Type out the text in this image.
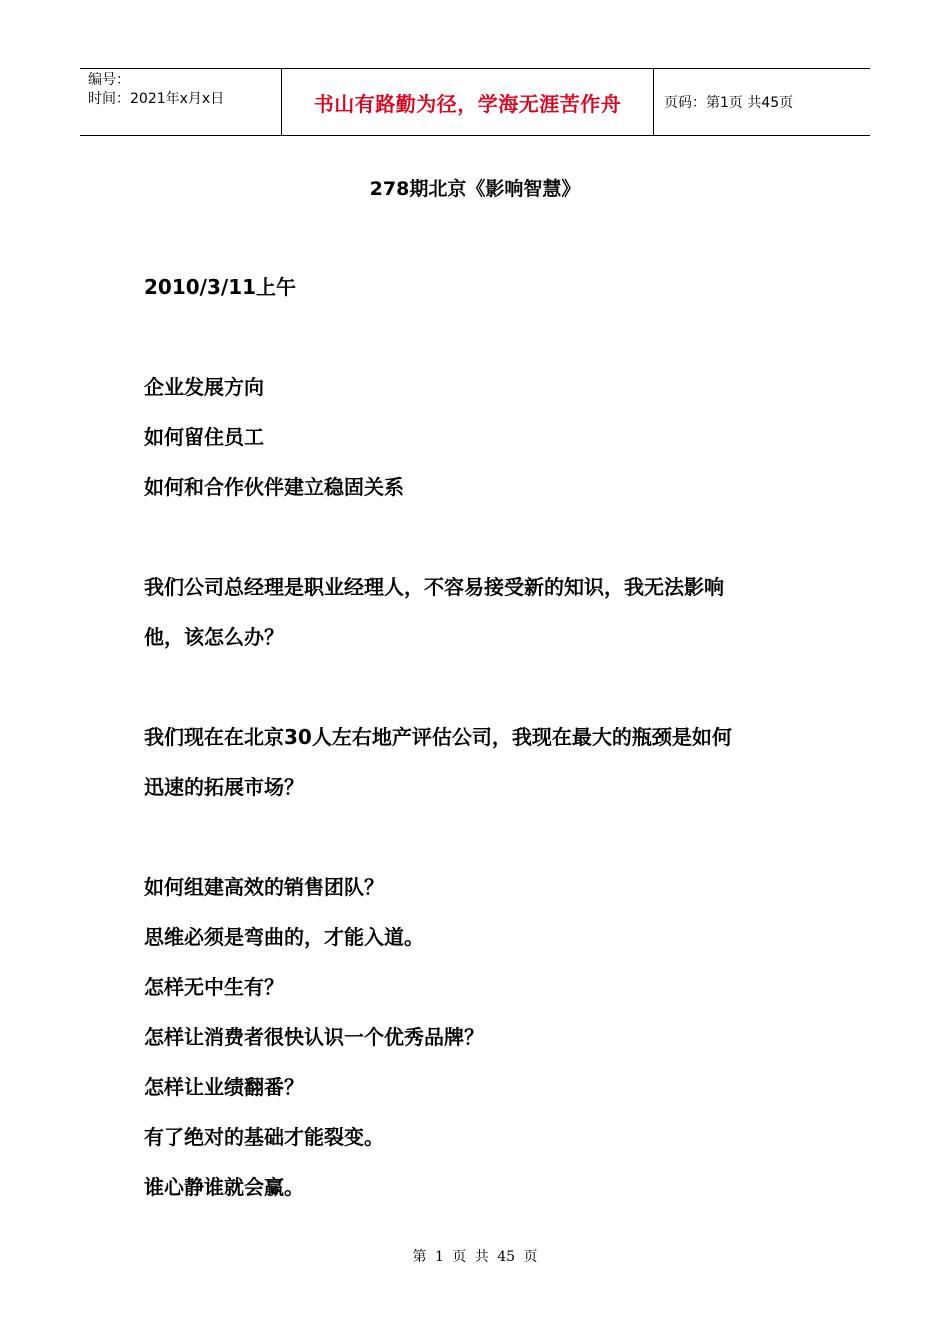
编号：
时间：2021年x月x日	书山有路勤为径，学海无涯苦作舟	页码：第1页 共45页
278期北京《影响智慧》

2010/3/11上午

企业发展方向

如何留住员工

如何和合作伙伴建立稳固关系

我们公司总经理是职业经理人，不容易接受新的知识，我无法影响

他，该怎么办？

我们现在在北京30人左右地产评估公司，我现在最大的瓶颈是如何

迅速的拓展市场？

如何组建高效的销售团队？

思维必须是弯曲的，才能入道。

怎样无中生有？

怎样让消费者很快认识一个优秀品牌？

怎样让业绩翻番？

有了绝对的基础才能裂变。

谁心静谁就会赢。

第 1 页 共 45 页
